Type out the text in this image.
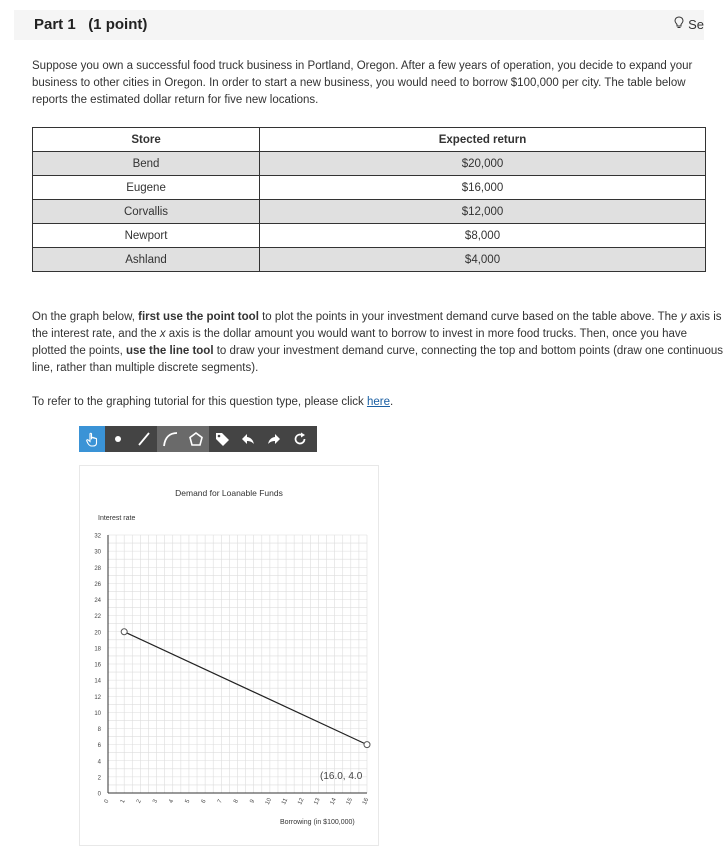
Part 1   (1 point)	Se
Suppose you own a successful food truck business in Portland, Oregon. After a few years of operation, you decide to expand your business to other cities in Oregon. In order to start a new business, you would need to borrow $100,000 per city. The table below reports the estimated dollar return for five new locations.
Store	Expected return
Bend	$20,000
Eugene	$16,000
Corvallis	$12,000
Newport	$8,000
Ashland	$4,000

On the graph below, first use the point tool to plot the points in your investment demand curve based on the table above. The y axis is

the interest rate, and the x axis is the dollar amount you would want to borrow to invest in more food trucks. Then, once you have

plotted the points, use the line tool to draw your investment demand curve, connecting the top and bottom points (draw one continuous

line, rather than multiple discrete segments).

To refer to the graphing tutorial for this question type, please click here.
Demand for Loanable Funds
Interest rate
Borrowing (in $100,000)
0
2
4
6
8
10
12
14
16
18
20
22
24
26
28
30
32
0 1 2 3 4 5 6 7 8 9 10 11 12 13 14 15 16
(16.0, 4.0
